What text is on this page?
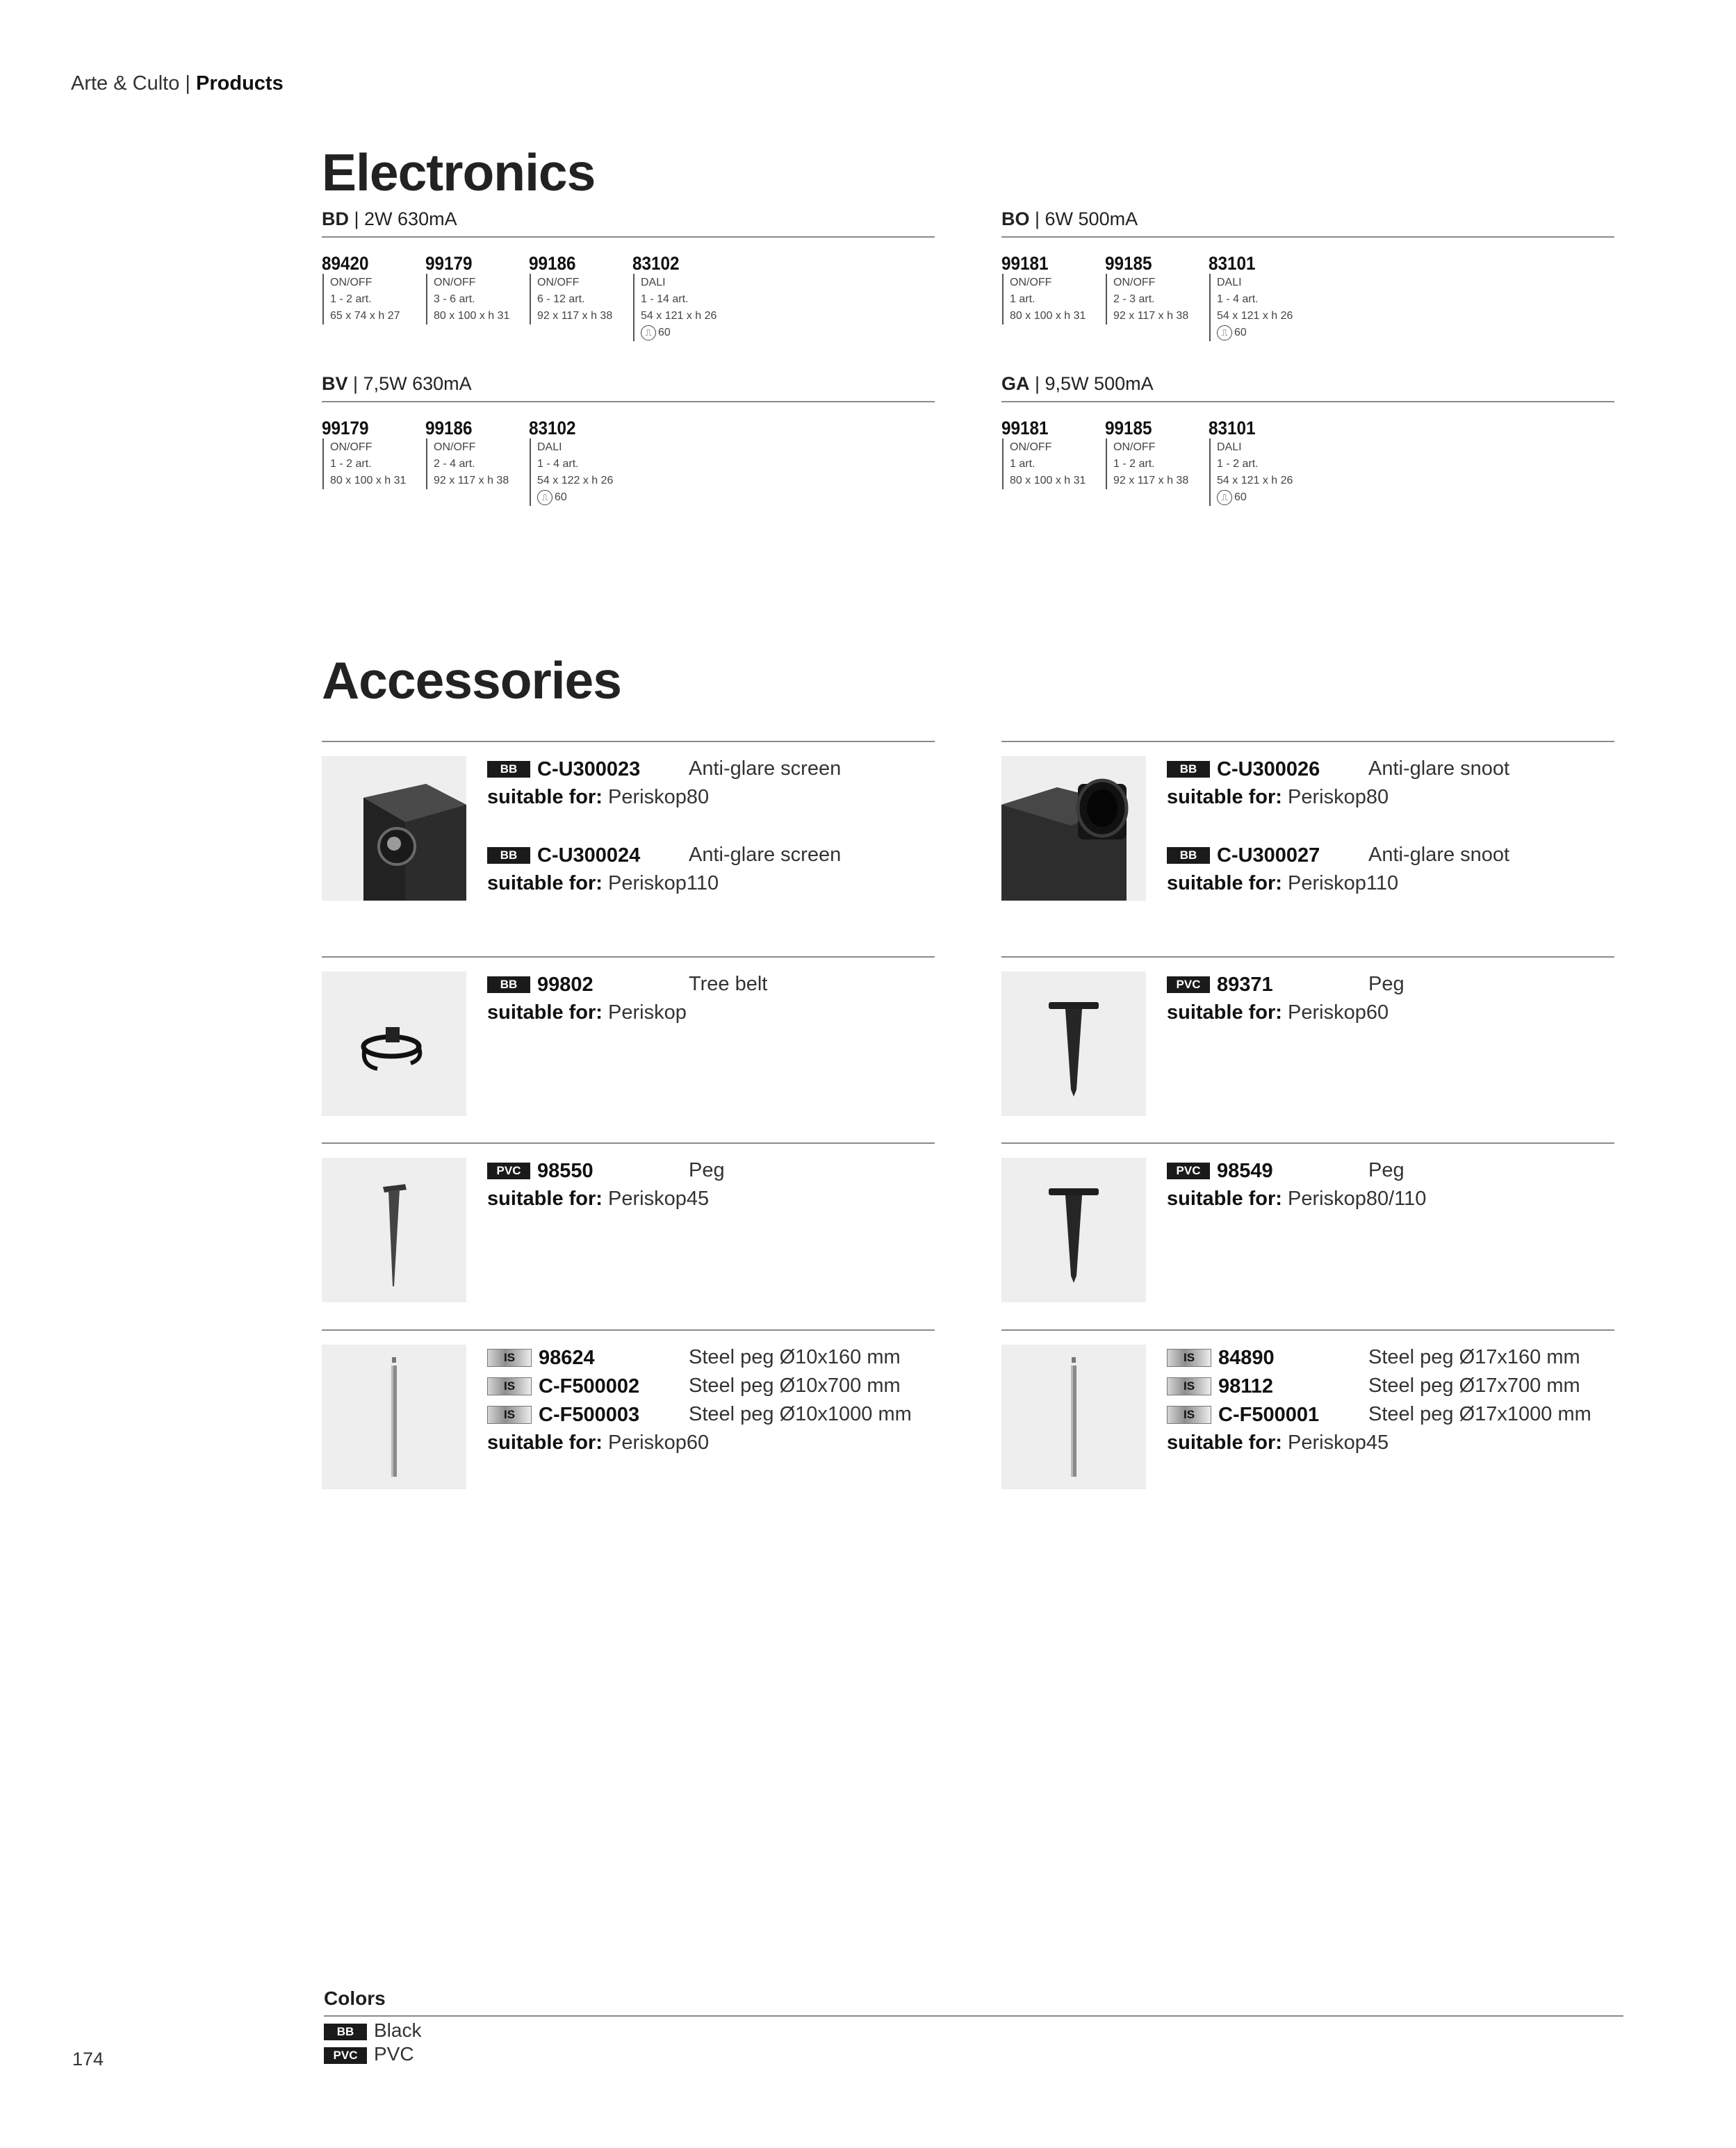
Arte & Culto | Products
Electronics
BD | 2W 630mA
89420
ON/OFF
1 - 2 art.
65 x 74 x h 27
99179
ON/OFF
3 - 6 art.
80 x 100 x h 31
99186
ON/OFF
6 - 12 art.
92 x 117 x h 38
83102
DALI
1 - 14 art.
54 x 121 x h 26
⎍ 60
BO | 6W 500mA
99181
ON/OFF
1 art.
80 x 100 x h 31
99185
ON/OFF
2 - 3 art.
92 x 117 x h 38
83101
DALI
1 - 4 art.
54 x 121 x h 26
⎍ 60
BV | 7,5W 630mA
99179
ON/OFF
1 - 2 art.
80 x 100 x h 31
99186
ON/OFF
2 - 4 art.
92 x 117 x h 38
83102
DALI
1 - 4 art.
54 x 122 x h 26
⎍ 60
GA | 9,5W 500mA
99181
ON/OFF
1 art.
80 x 100 x h 31
99185
ON/OFF
1 - 2 art.
92 x 117 x h 38
83101
DALI
1 - 2 art.
54 x 121 x h 26
⎍ 60
Accessories
BB C-U300023 Anti-glare screen
suitable for: Periskop80
BB C-U300024 Anti-glare screen
suitable for: Periskop110
BB C-U300026 Anti-glare snoot
suitable for: Periskop80
BB C-U300027 Anti-glare snoot
suitable for: Periskop110
BB 99802	Tree belt
suitable for: Periskop
PVC 89371	Peg
suitable for: Periskop60
PVC 98550	Peg
suitable for: Periskop45
PVC 98549	Peg
suitable for: Periskop80/110
IS 98624	Steel peg Ø10x160 mm
IS C-F500002 Steel peg Ø10x700 mm
IS C-F500003 Steel peg Ø10x1000 mm
suitable for: Periskop60
IS 84890	Steel peg Ø17x160 mm
IS 98112	Steel peg Ø17x700 mm
IS C-F500001 Steel peg Ø17x1000 mm
suitable for: Periskop45
Colors
BB Black
PVC PVC
174
